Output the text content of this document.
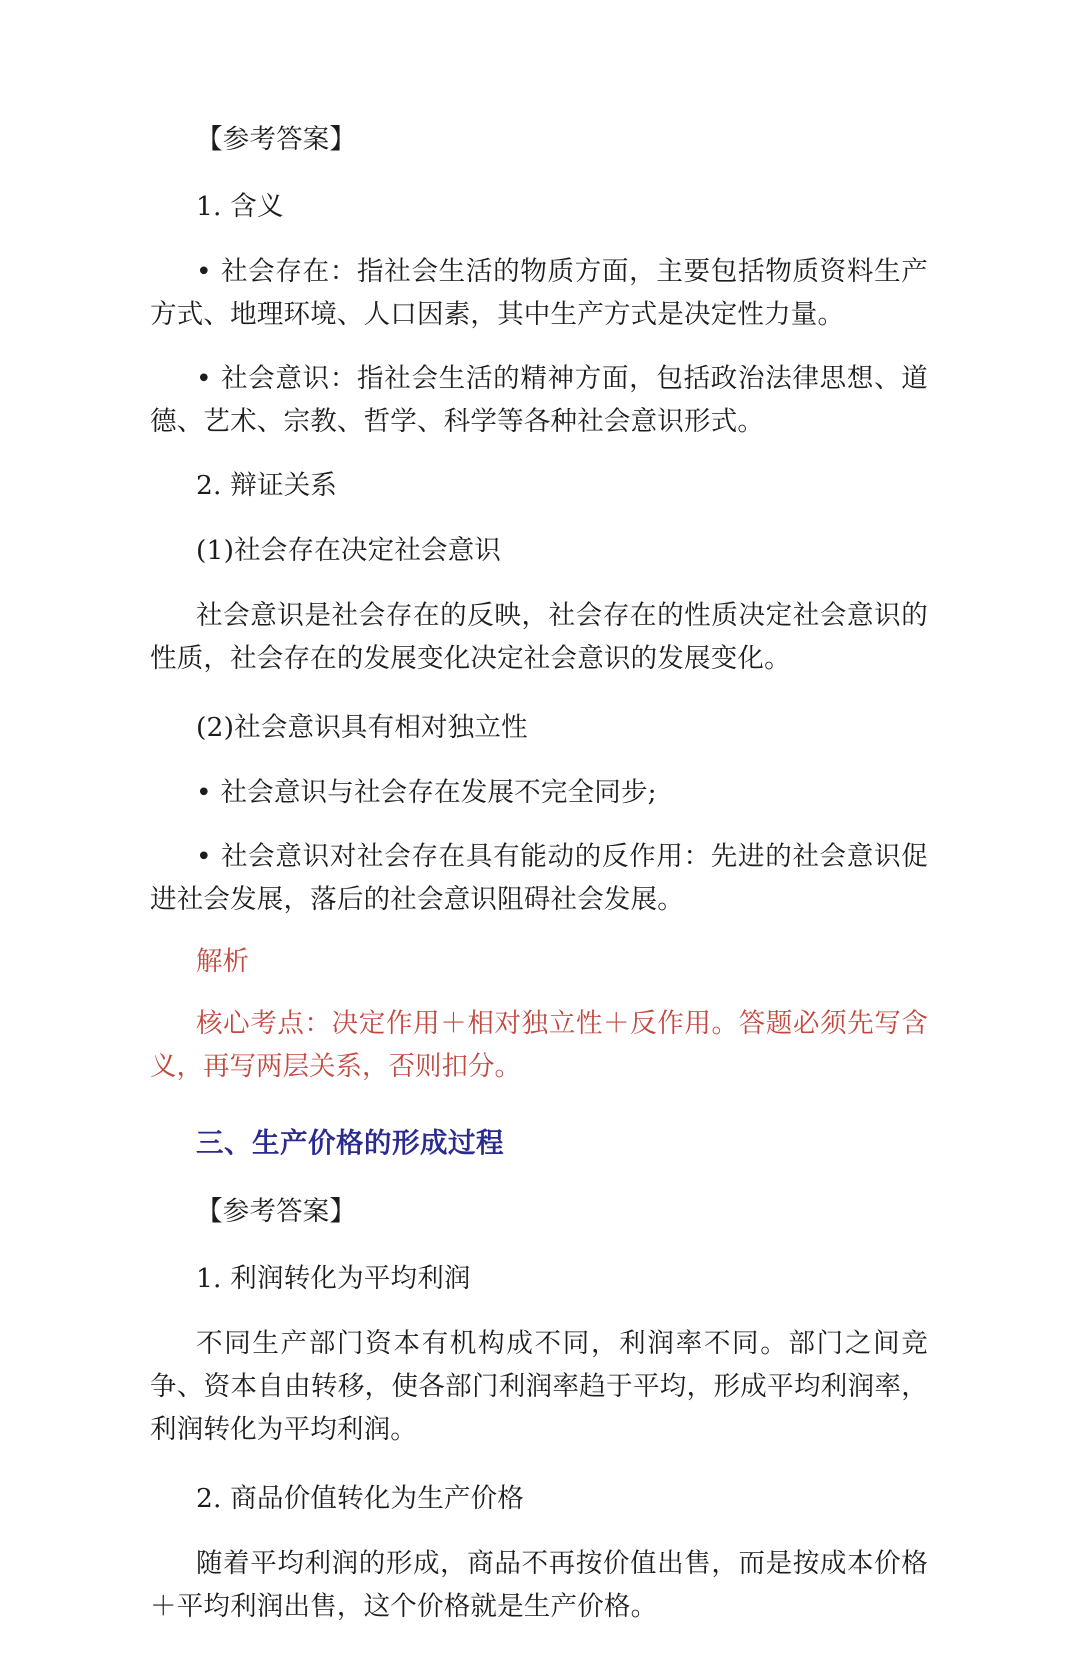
【参考答案】

1. 含义

• 社会存在：指社会生活的物质方面，主要包括物质资料生产方式、地理环境、人口因素，其中生产方式是决定性力量。

• 社会意识：指社会生活的精神方面，包括政治法律思想、道德、艺术、宗教、哲学、科学等各种社会意识形式。

2. 辩证关系

(1)社会存在决定社会意识

社会意识是社会存在的反映，社会存在的性质决定社会意识的性质，社会存在的发展变化决定社会意识的发展变化。

(2)社会意识具有相对独立性

• 社会意识与社会存在发展不完全同步;

• 社会意识对社会存在具有能动的反作用：先进的社会意识促进社会发展，落后的社会意识阻碍社会发展。

解析

核心考点：决定作用＋相对独立性＋反作用。答题必须先写含义，再写两层关系，否则扣分。

三、生产价格的形成过程

【参考答案】

1. 利润转化为平均利润

不同生产部门资本有机构成不同，利润率不同。部门之间竞争、资本自由转移，使各部门利润率趋于平均，形成平均利润率，利润转化为平均利润。

2. 商品价值转化为生产价格

随着平均利润的形成，商品不再按价值出售，而是按成本价格＋平均利润出售，这个价格就是生产价格。
